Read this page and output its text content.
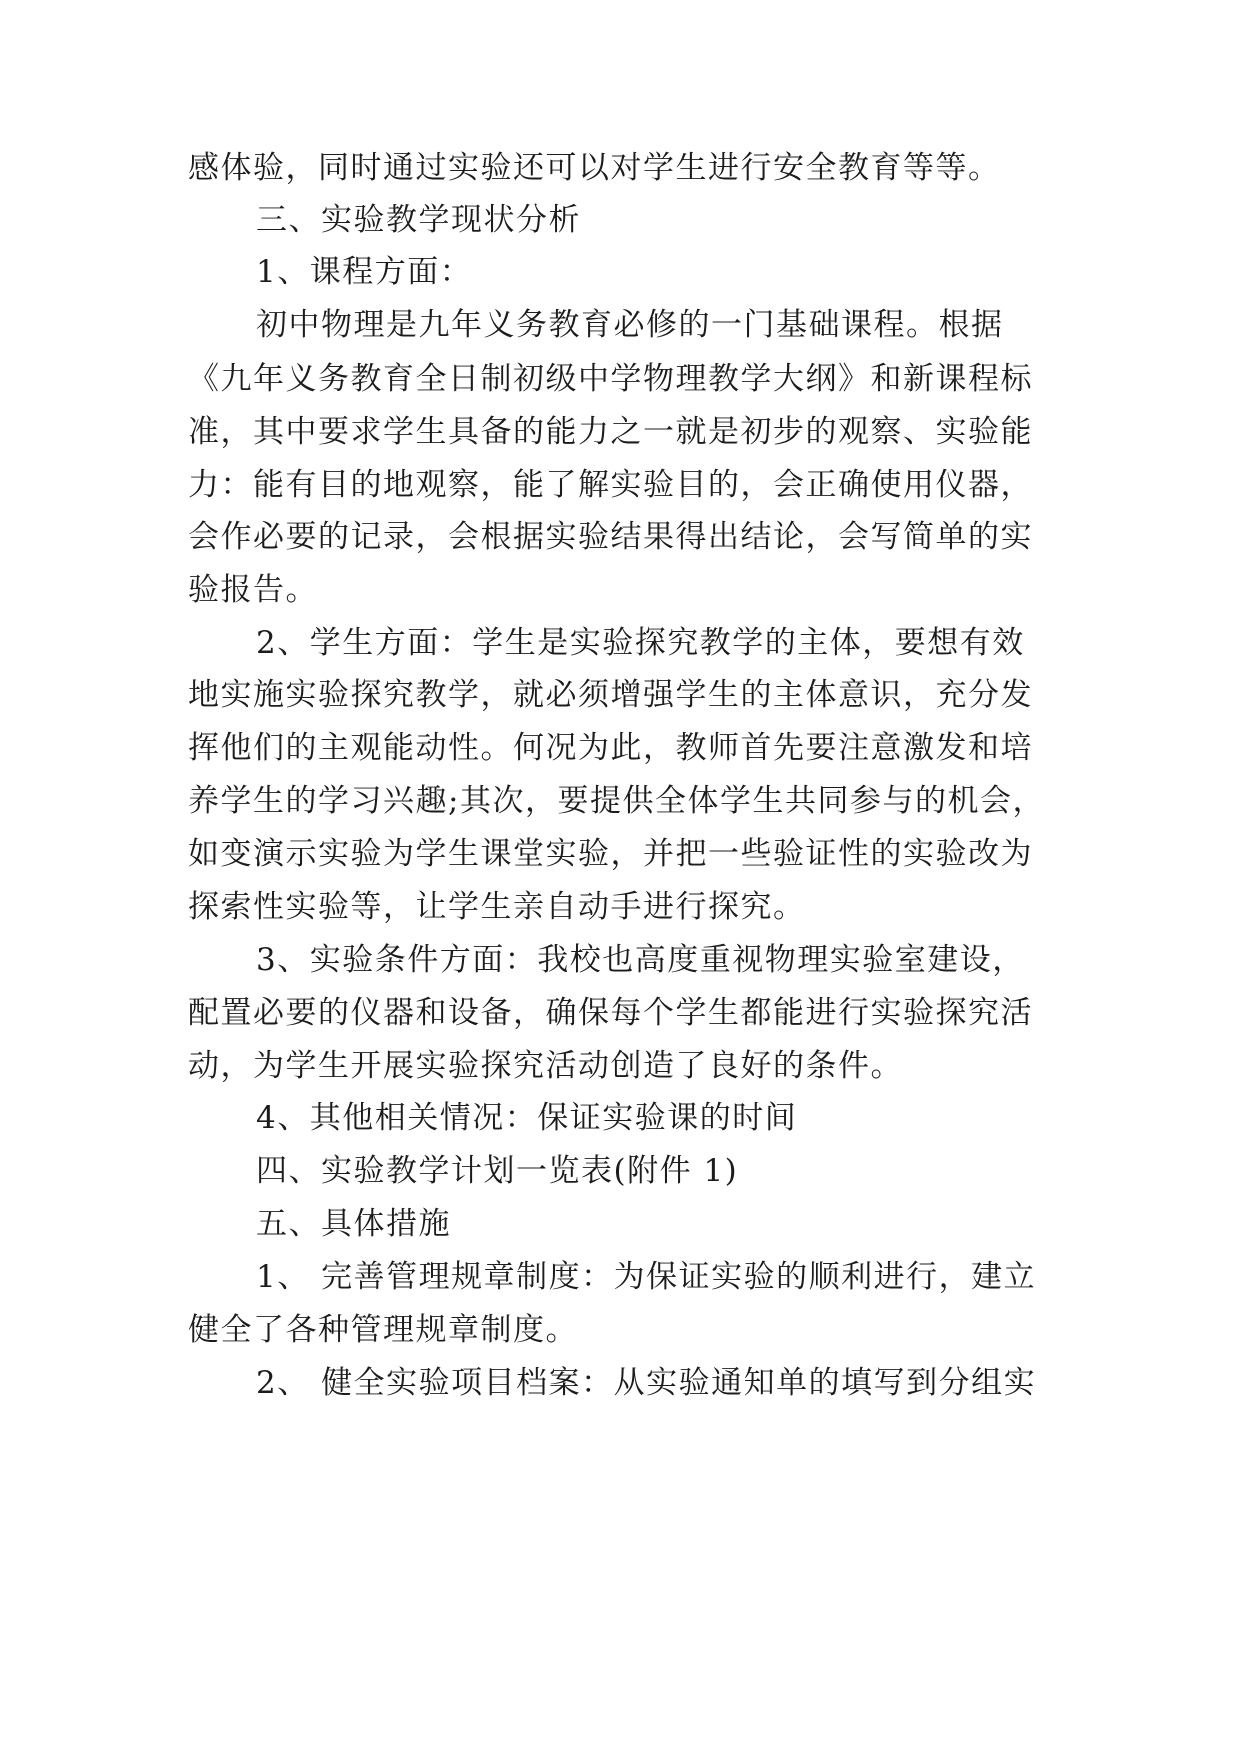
感体验，同时通过实验还可以对学生进行安全教育等等。
三、实验教学现状分析
1、课程方面：
初中物理是九年义务教育必修的一门基础课程。根据
《九年义务教育全日制初级中学物理教学大纲》和新课程标
准，其中要求学生具备的能力之一就是初步的观察、实验能
力：能有目的地观察，能了解实验目的，会正确使用仪器，
会作必要的记录，会根据实验结果得出结论，会写简单的实
验报告。
2、学生方面：学生是实验探究教学的主体，要想有效
地实施实验探究教学，就必须增强学生的主体意识，充分发
挥他们的主观能动性。何况为此，教师首先要注意激发和培
养学生的学习兴趣;其次，要提供全体学生共同参与的机会，
如变演示实验为学生课堂实验，并把一些验证性的实验改为
探索性实验等，让学生亲自动手进行探究。
3、实验条件方面：我校也高度重视物理实验室建设，
配置必要的仪器和设备，确保每个学生都能进行实验探究活
动，为学生开展实验探究活动创造了良好的条件。
4、其他相关情况：保证实验课的时间
四、实验教学计划一览表(附件 1)
五、具体措施
1、 完善管理规章制度：为保证实验的顺利进行，建立
健全了各种管理规章制度。
2、 健全实验项目档案：从实验通知单的填写到分组实
